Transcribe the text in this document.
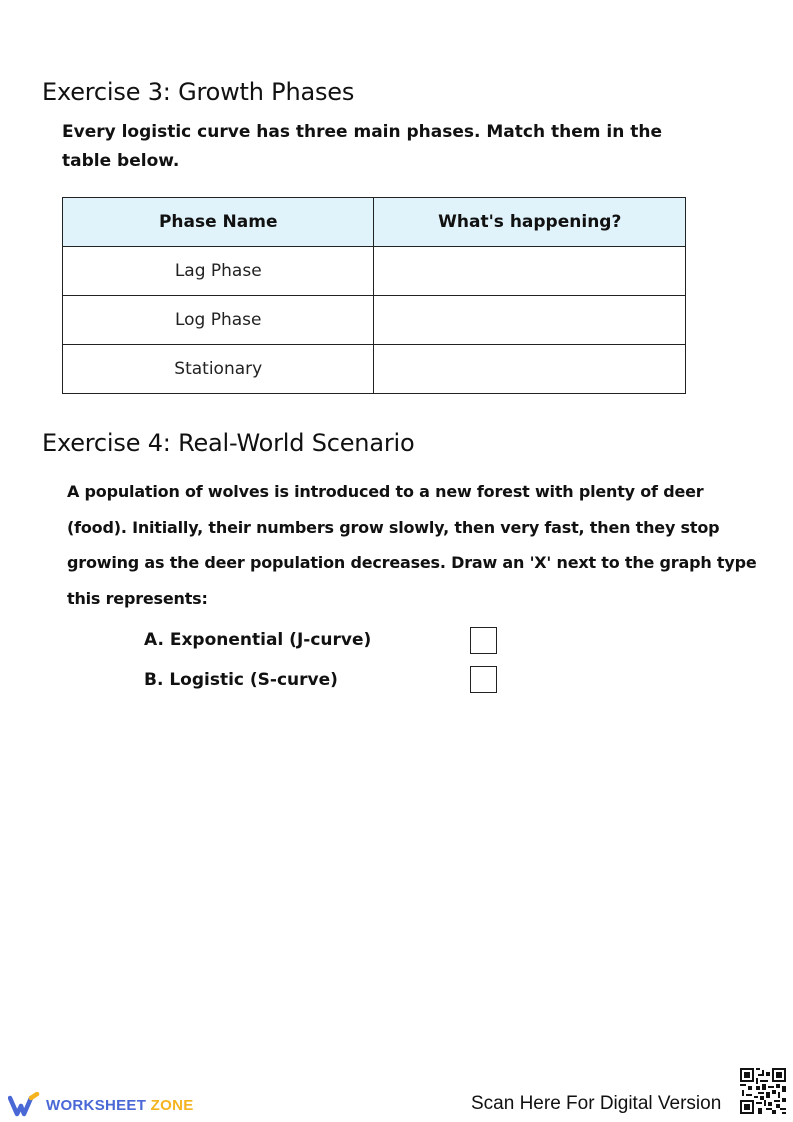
Exercise 3: Growth Phases

Every logistic curve has three main phases. Match them in the table below.

Phase Name	What's happening?
Lag Phase	
Log Phase	
Stationary	
Exercise 4: Real-World Scenario

A population of wolves is introduced to a new forest with plenty of deer (food). Initially, their numbers grow slowly, then very fast, then they stop growing as the deer population decreases. Draw an 'X' next to the graph type this represents:

A. Exponential (J-curve)
B. Logistic (S-curve)
WORKSHEET ZONE	Scan Here For Digital Version
